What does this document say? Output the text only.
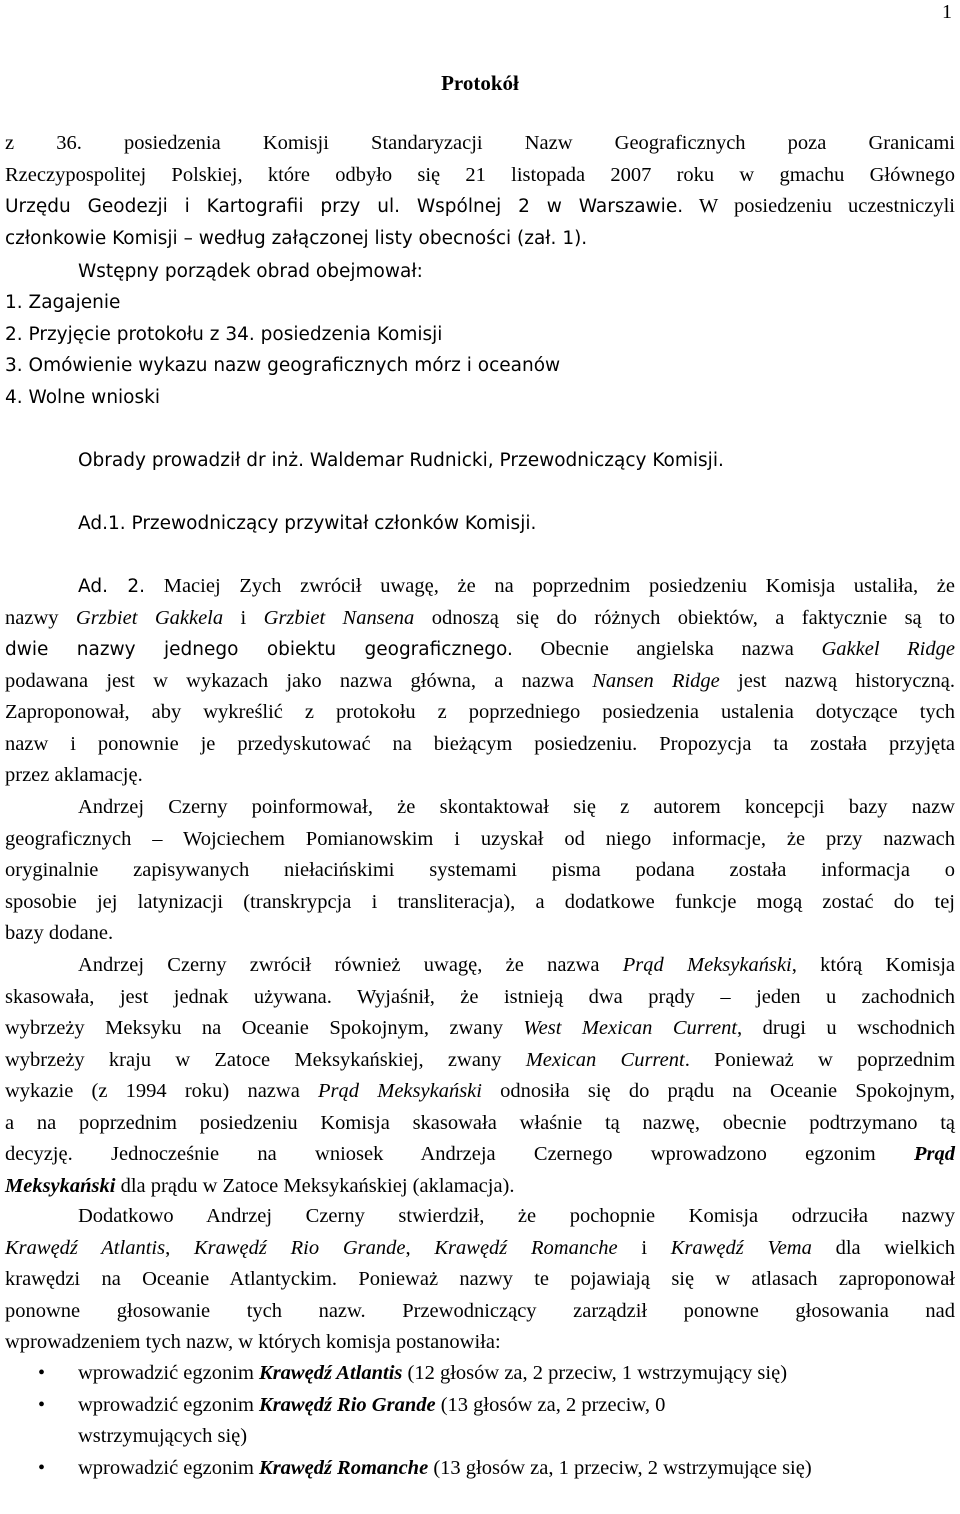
1
Protokół
z 36. posiedzenia Komisji Standaryzacji Nazw Geograficznych poza Granicami
Rzeczypospolitej Polskiej, które odbyło się 21 listopada 2007 roku w gmachu Głównego
Urzędu Geodezji i Kartografii przy ul. Wspólnej 2 w Warszawie. W posiedzeniu uczestniczyli
członkowie Komisji – według załączonej listy obecności (zał. 1).
Wstępny porządek obrad obejmował:
1. Zagajenie
2. Przyjęcie protokołu z 34. posiedzenia Komisji
3. Omówienie wykazu nazw geograficznych mórz i oceanów
4. Wolne wnioski
Obrady prowadził dr inż. Waldemar Rudnicki, Przewodniczący Komisji.
Ad.1. Przewodniczący przywitał członków Komisji.
Ad. 2. Maciej Zych zwrócił uwagę, że na poprzednim posiedzeniu Komisja ustaliła, że
nazwy Grzbiet Gakkela i Grzbiet Nansena odnoszą się do różnych obiektów, a faktycznie są to
dwie nazwy jednego obiektu geograficznego. Obecnie angielska nazwa Gakkel Ridge
podawana jest w wykazach jako nazwa główna, a nazwa Nansen Ridge jest nazwą historyczną.
Zaproponował, aby wykreślić z protokołu z poprzedniego posiedzenia ustalenia dotyczące tych
nazw i ponownie je przedyskutować na bieżącym posiedzeniu. Propozycja ta została przyjęta
przez aklamację.
Andrzej Czerny poinformował, że skontaktował się z autorem koncepcji bazy nazw
geograficznych – Wojciechem Pomianowskim i uzyskał od niego informacje, że przy nazwach
oryginalnie zapisywanych niełacińskimi systemami pisma podana została informacja o
sposobie jej latynizacji (transkrypcja i transliteracja), a dodatkowe funkcje mogą zostać do tej
bazy dodane.
Andrzej Czerny zwrócił również uwagę, że nazwa Prąd Meksykański, którą Komisja
skasowała, jest jednak używana. Wyjaśnił, że istnieją dwa prądy – jeden u zachodnich
wybrzeży Meksyku na Oceanie Spokojnym, zwany West Mexican Current, drugi u wschodnich
wybrzeży kraju w Zatoce Meksykańskiej, zwany Mexican Current. Ponieważ w poprzednim
wykazie (z 1994 roku) nazwa Prąd Meksykański odnosiła się do prądu na Oceanie Spokojnym,
a na poprzednim posiedzeniu Komisja skasowała właśnie tą nazwę, obecnie podtrzymano tą
decyzję. Jednocześnie na wniosek Andrzeja Czernego wprowadzono egzonim Prąd
Meksykański dla prądu w Zatoce Meksykańskiej (aklamacja).
Dodatkowo Andrzej Czerny stwierdził, że pochopnie Komisja odrzuciła nazwy
Krawędź Atlantis, Krawędź Rio Grande, Krawędź Romanche i Krawędź Vema dla wielkich
krawędzi na Oceanie Atlantyckim. Ponieważ nazwy te pojawiają się w atlasach zaproponował
ponowne głosowanie tych nazw. Przewodniczący zarządził ponowne głosowania nad
wprowadzeniem tych nazw, w których komisja postanowiła:
• wprowadzić egzonim Krawędź Atlantis (12 głosów za, 2 przeciw, 1 wstrzymujący się)
• wprowadzić egzonim Krawędź Rio Grande (13 głosów za, 2 przeciw, 0 wstrzymujących się)
• wprowadzić egzonim Krawędź Romanche (13 głosów za, 1 przeciw, 2 wstrzymujące się)
